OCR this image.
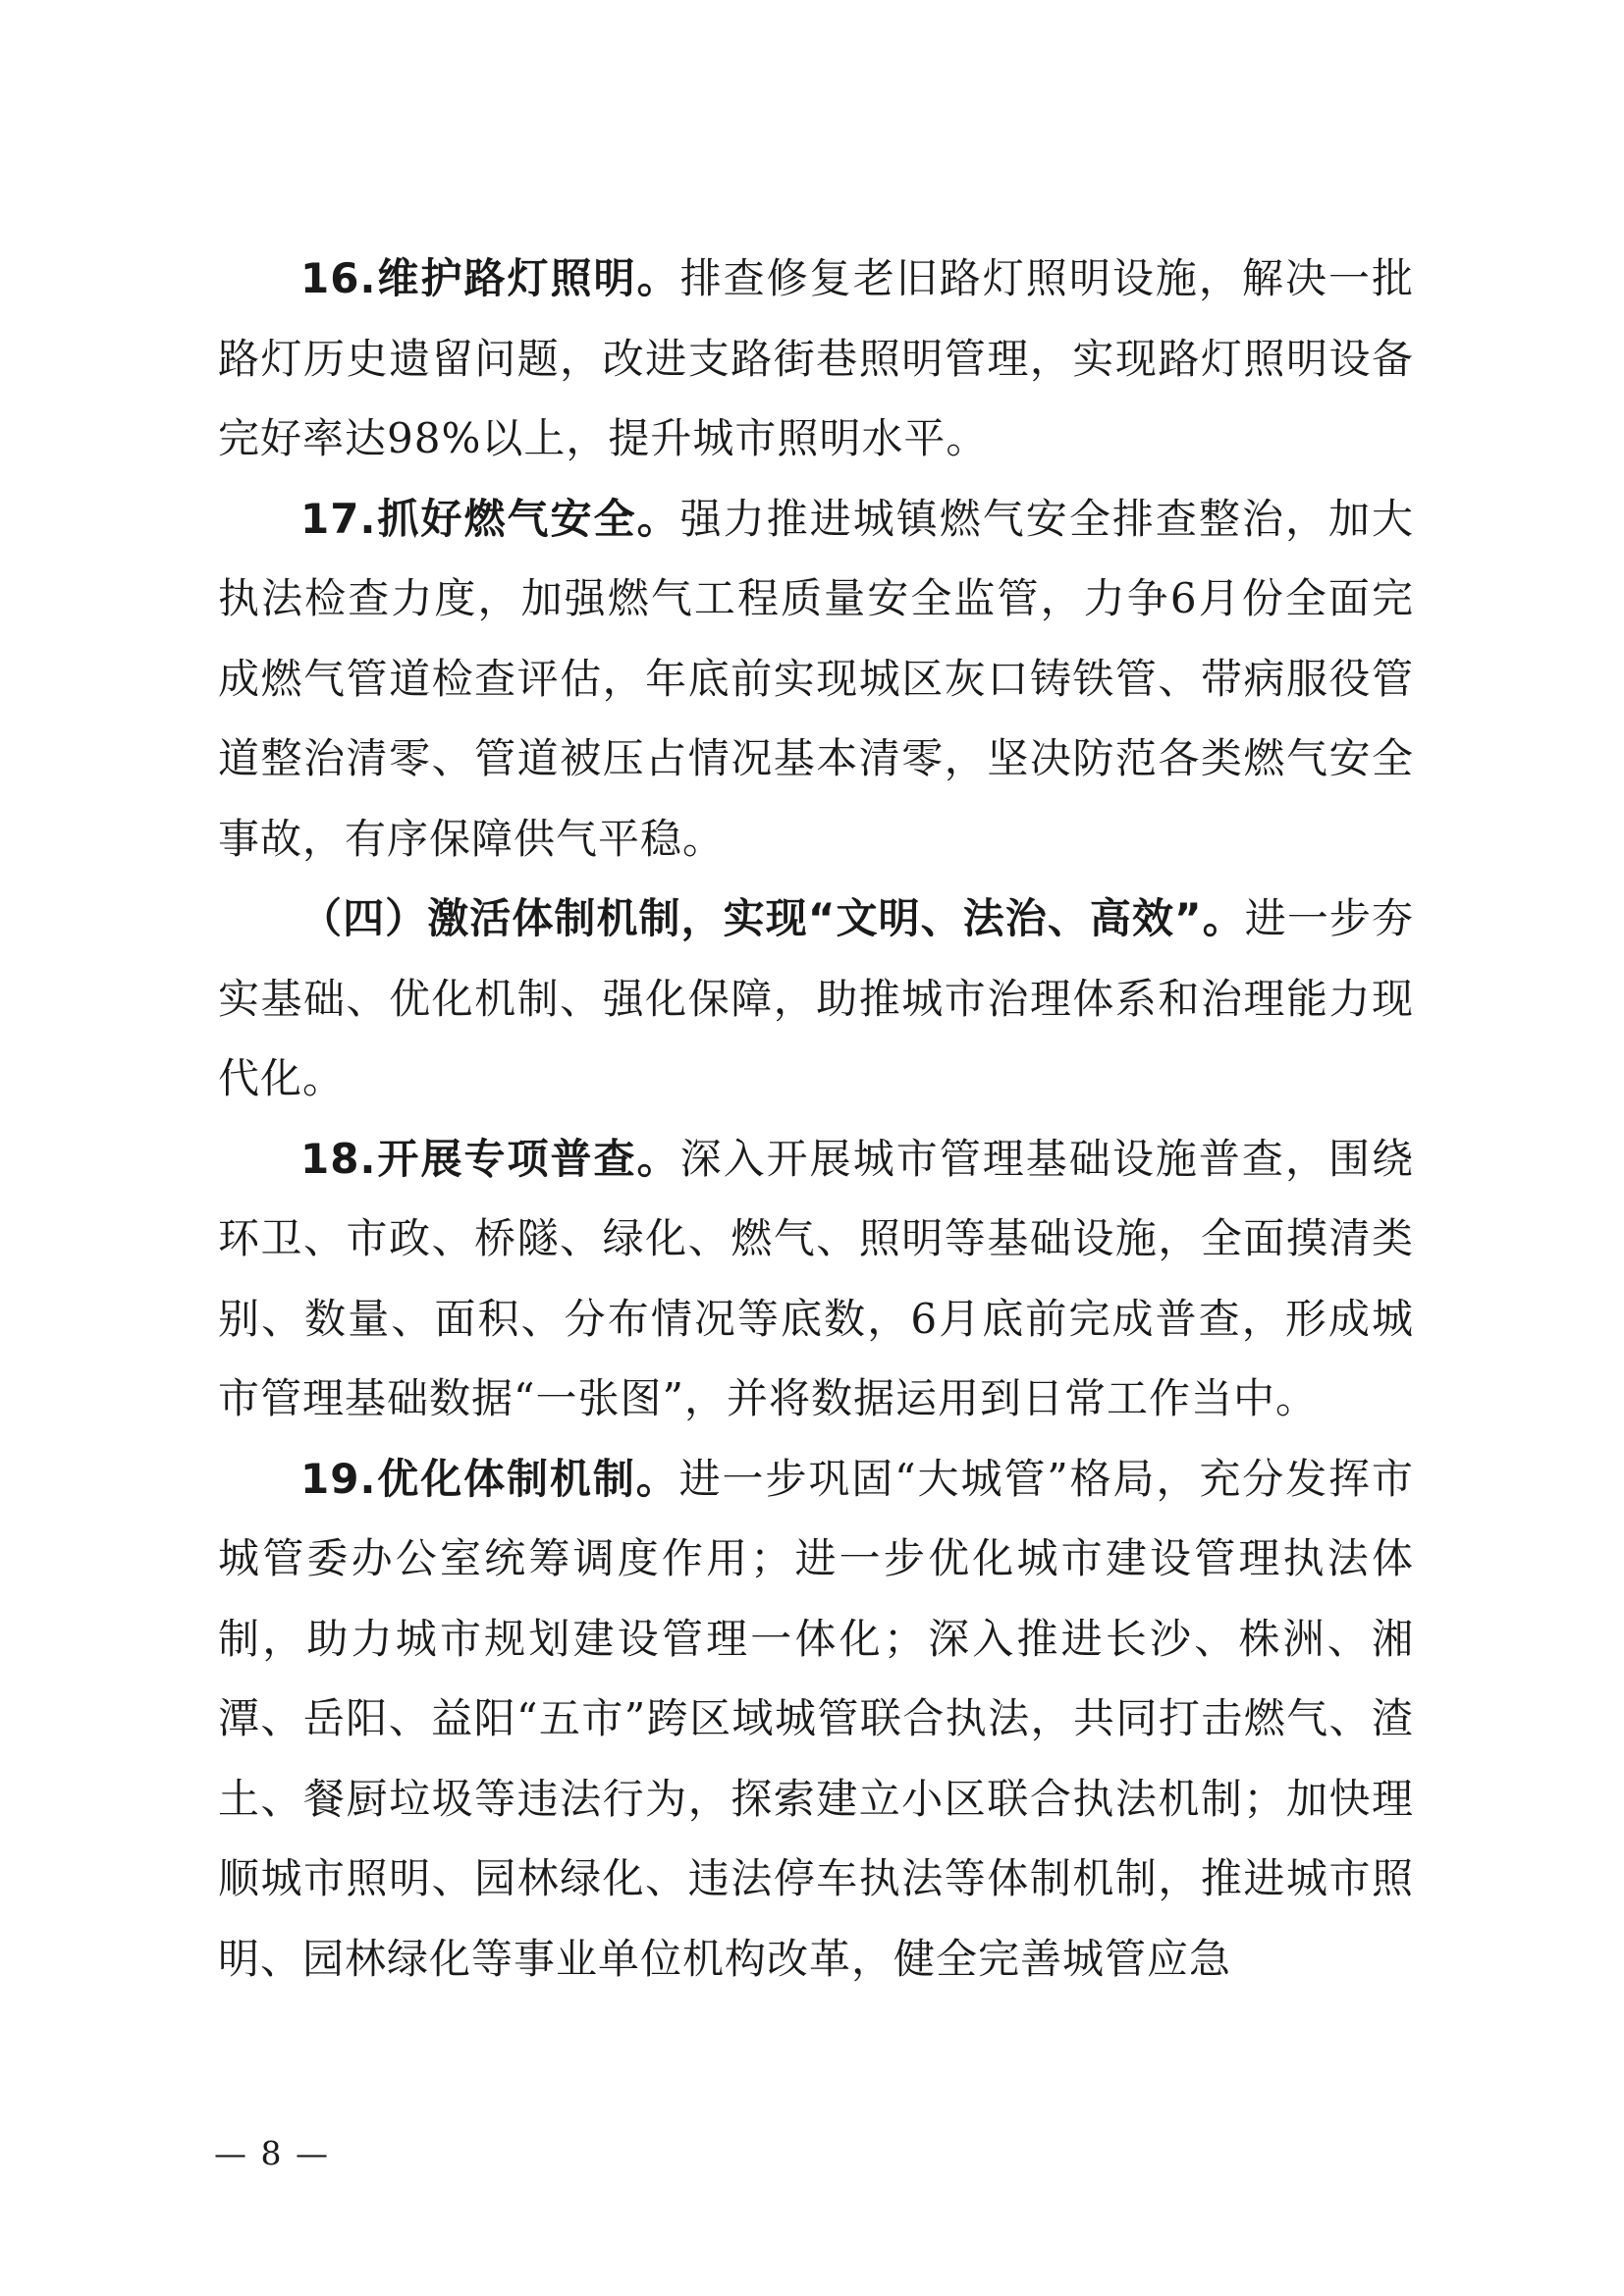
16.维护路灯照明。排查修复老旧路灯照明设施，解决一批路灯历史遗留问题，改进支路街巷照明管理，实现路灯照明设备完好率达98%以上，提升城市照明水平。

17.抓好燃气安全。强力推进城镇燃气安全排查整治，加大执法检查力度，加强燃气工程质量安全监管，力争6月份全面完成燃气管道检查评估，年底前实现城区灰口铸铁管、带病服役管道整治清零、管道被压占情况基本清零，坚决防范各类燃气安全事故，有序保障供气平稳。

（四）激活体制机制，实现“文明、法治、高效”。进一步夯实基础、优化机制、强化保障，助推城市治理体系和治理能力现代化。

18.开展专项普查。深入开展城市管理基础设施普查，围绕环卫、市政、桥隧、绿化、燃气、照明等基础设施，全面摸清类别、数量、面积、分布情况等底数，6月底前完成普查，形成城市管理基础数据“一张图”，并将数据运用到日常工作当中。

19.优化体制机制。进一步巩固“大城管”格局，充分发挥市城管委办公室统筹调度作用；进一步优化城市建设管理执法体制，助力城市规划建设管理一体化；深入推进长沙、株洲、湘潭、岳阳、益阳“五市”跨区域城管联合执法，共同打击燃气、渣土、餐厨垃圾等违法行为，探索建立小区联合执法机制；加快理顺城市照明、园林绿化、违法停车执法等体制机制，推进城市照明、园林绿化等事业单位机构改革，健全完善城管应急

— 8 —
